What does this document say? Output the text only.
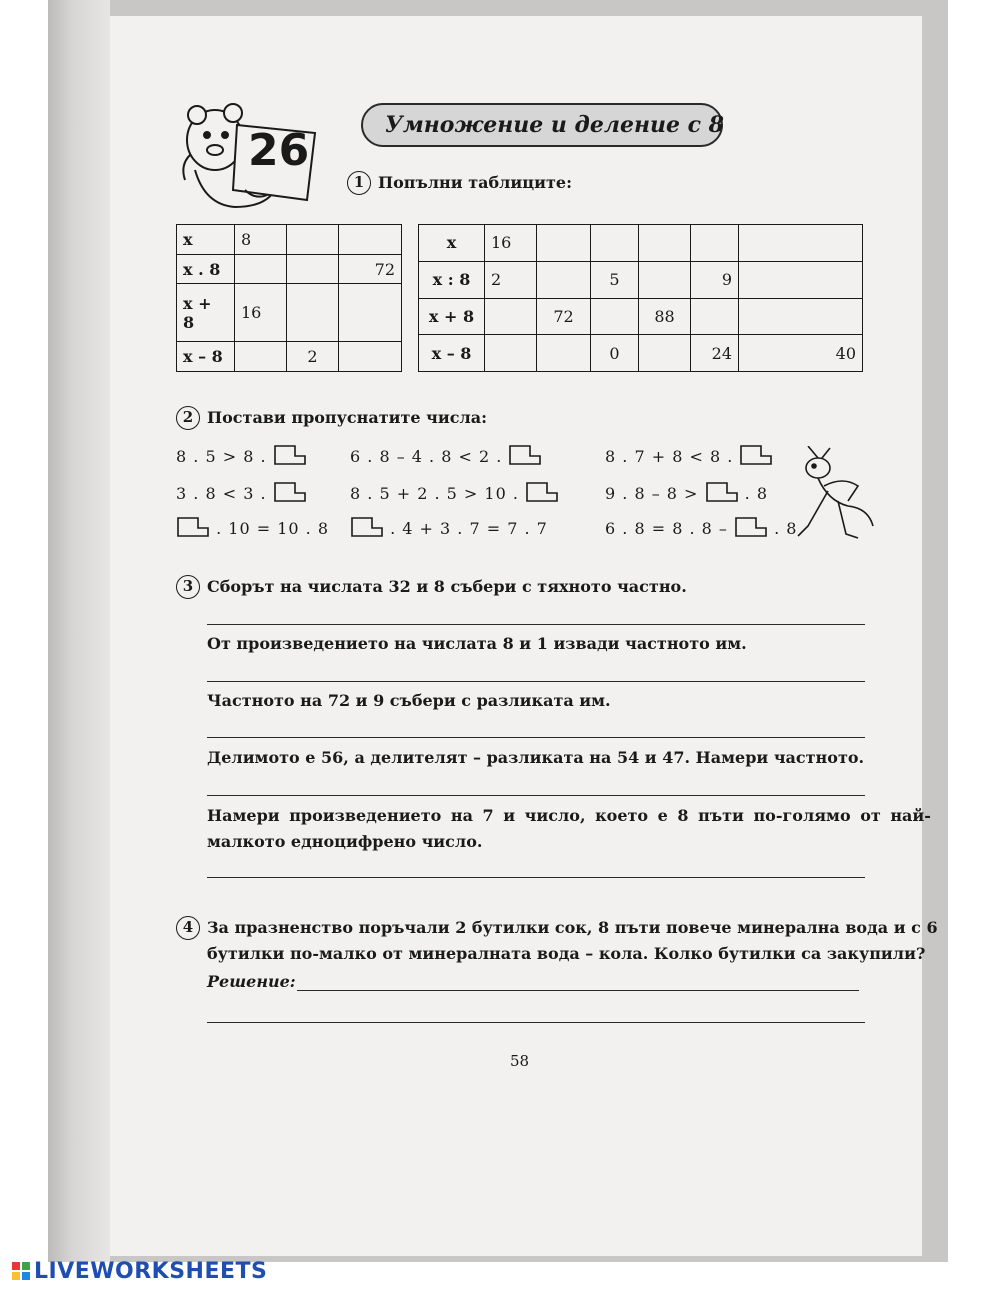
26	Умножение и деление с 8
1 Попълни таблиците:
x	8		
x . 8			72
x + 8	16		
x – 8		2	
x	16					
x : 8	2		5		9	
x + 8		72		88		
x – 8			0		24	40
2 Постави пропуснатите числа:
8 . 5 > 8 .	6 . 8 – 4 . 8 < 2 .	8 . 7 + 8 < 8 .
3 . 8 < 3 .	8 . 5 + 2 . 5 > 10 .	9 . 8 – 8 >	. 8
. 10 = 10 . 8	. 4 + 3 . 7 = 7 . 7	6 . 8 = 8 . 8 –	. 8
3 Сборът на числата 32 и 8 събери с тяхното частно.
От произведението на числата 8 и 1 извади частното им.
Частното на 72 и 9 събери с разликата им.
Делимото е 56, а делителят – разликата на 54 и 47. Намери частното.
Намери произведението на 7 и число, което е 8 пъти по-голямо от най-
малкото едноцифрено число.
4 За празненство поръчали 2 бутилки сок, 8 пъти повече минерална вода и с 6
бутилки по-малко от минералната вода – кола. Колко бутилки са закупили?
Решение:
58
LIVEWORKSHEETS
